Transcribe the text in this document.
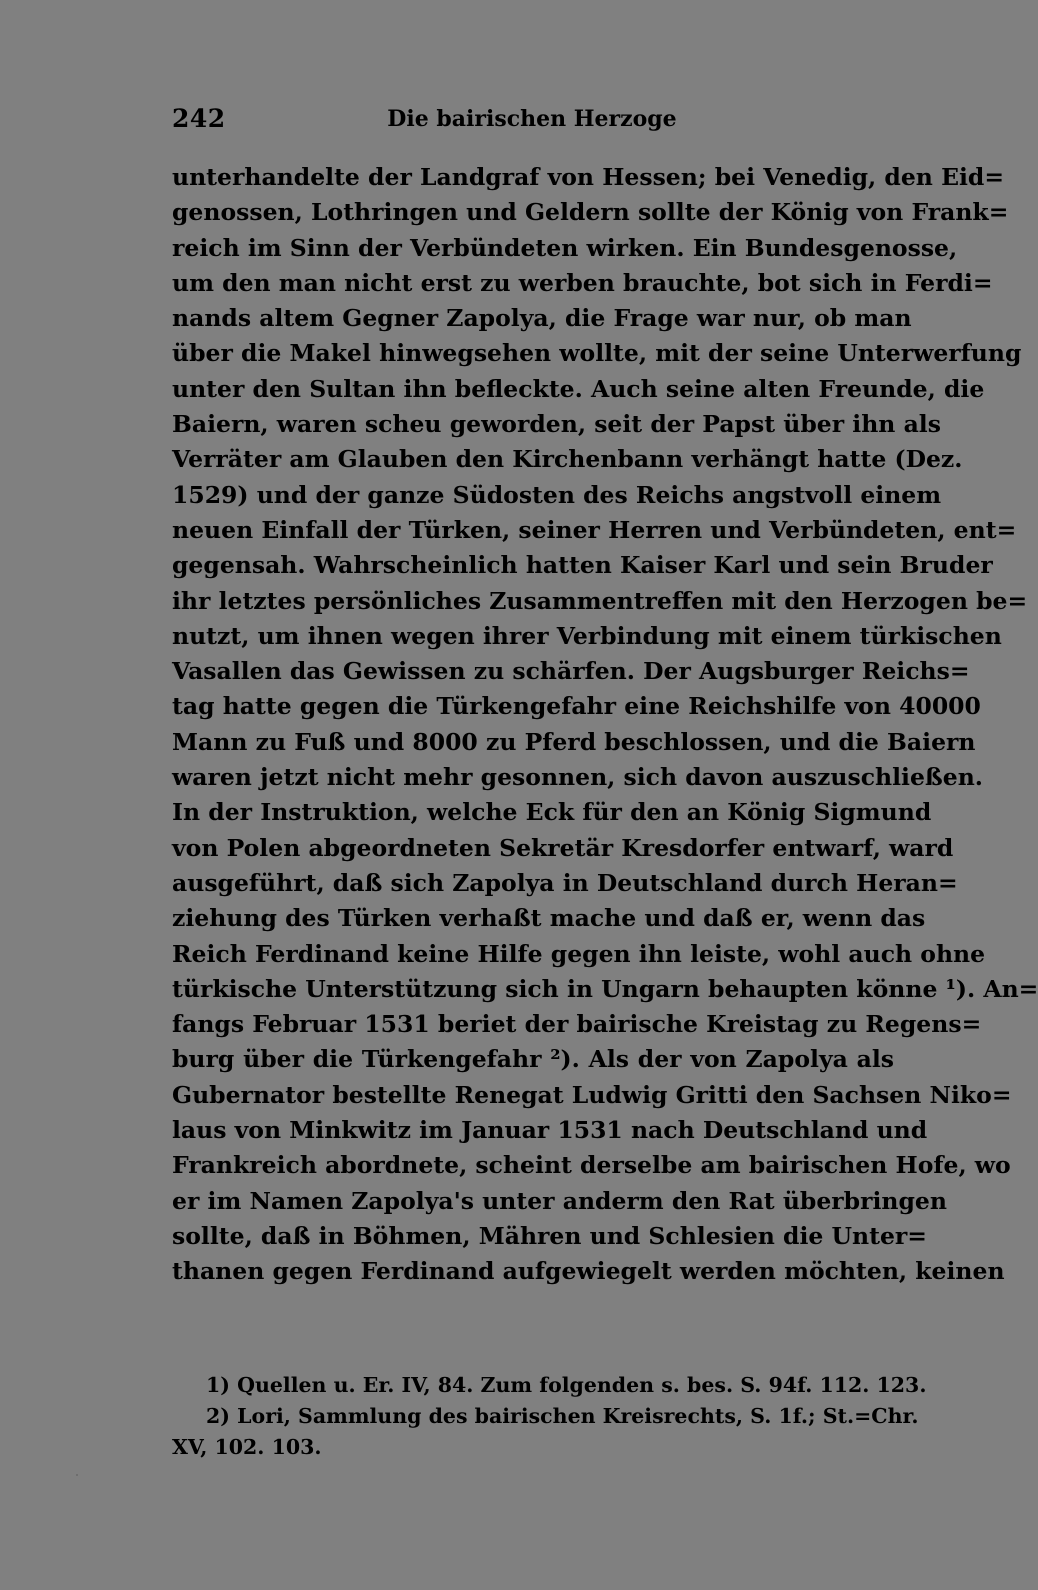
242	Die bairischen Herzoge
unterhandelte der Landgraf von Hessen; bei Venedig, den Eid=
genossen, Lothringen und Geldern sollte der König von Frank=
reich im Sinn der Verbündeten wirken. Ein Bundesgenosse,
um den man nicht erst zu werben brauchte, bot sich in Ferdi=
nands altem Gegner Zapolya, die Frage war nur, ob man
über die Makel hinwegsehen wollte, mit der seine Unterwerfung
unter den Sultan ihn befleckte. Auch seine alten Freunde, die
Baiern, waren scheu geworden, seit der Papst über ihn als
Verräter am Glauben den Kirchenbann verhängt hatte (Dez.
1529) und der ganze Südosten des Reichs angstvoll einem
neuen Einfall der Türken, seiner Herren und Verbündeten, ent=
gegensah. Wahrscheinlich hatten Kaiser Karl und sein Bruder
ihr letztes persönliches Zusammentreffen mit den Herzogen be=
nutzt, um ihnen wegen ihrer Verbindung mit einem türkischen
Vasallen das Gewissen zu schärfen. Der Augsburger Reichs=
tag hatte gegen die Türkengefahr eine Reichshilfe von 40000
Mann zu Fuß und 8000 zu Pferd beschlossen, und die Baiern
waren jetzt nicht mehr gesonnen, sich davon auszuschließen.
In der Instruktion, welche Eck für den an König Sigmund
von Polen abgeordneten Sekretär Kresdorfer entwarf, ward
ausgeführt, daß sich Zapolya in Deutschland durch Heran=
ziehung des Türken verhaßt mache und daß er, wenn das
Reich Ferdinand keine Hilfe gegen ihn leiste, wohl auch ohne
türkische Unterstützung sich in Ungarn behaupten könne ¹). An=
fangs Februar 1531 beriet der bairische Kreistag zu Regens=
burg über die Türkengefahr ²). Als der von Zapolya als
Gubernator bestellte Renegat Ludwig Gritti den Sachsen Niko=
laus von Minkwitz im Januar 1531 nach Deutschland und
Frankreich abordnete, scheint derselbe am bairischen Hofe, wo
er im Namen Zapolya's unter anderm den Rat überbringen
sollte, daß in Böhmen, Mähren und Schlesien die Unter=
thanen gegen Ferdinand aufgewiegelt werden möchten, keinen
1) Quellen u. Er. IV, 84. Zum folgenden s. bes. S. 94f. 112. 123.
2) Lori, Sammlung des bairischen Kreisrechts, S. 1f.; St.=Chr.
XV, 102. 103.
